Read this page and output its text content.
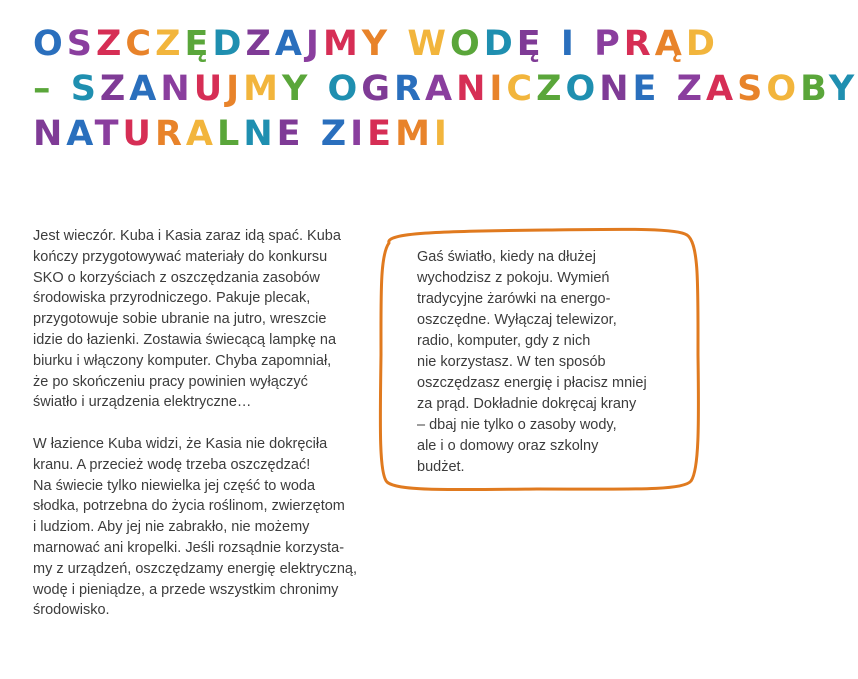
OSZCZĘDZAJMY WODĘ I PRĄD
– SZANUJMY OGRANICZONE ZASOBY
NATURALNE ZIEMI

Jest wieczór. Kuba i Kasia zaraz idą spać. Kuba
kończy przygotowywać materiały do konkursu
SKO o korzyściach z oszczędzania zasobów
środowiska przyrodniczego. Pakuje plecak,
przygotowuje sobie ubranie na jutro, wreszcie
idzie do łazienki. Zostawia świecącą lampkę na
biurku i włączony komputer. Chyba zapomniał,
że po skończeniu pracy powinien wyłączyć
światło i urządzenia elektryczne…

W łazience Kuba widzi, że Kasia nie dokręciła
kranu. A przecież wodę trzeba oszczędzać!
Na świecie tylko niewielka jej część to woda
słodka, potrzebna do życia roślinom, zwierzętom
i ludziom. Aby jej nie zabrakło, nie możemy
marnować ani kropelki. Jeśli rozsądnie korzysta-
my z urządzeń, oszczędzamy energię elektryczną,
wodę i pieniądze, a przede wszystkim chronimy
środowisko.

Gaś światło, kiedy na dłużej
wychodzisz z pokoju. Wymień
tradycyjne żarówki na energo-
oszczędne. Wyłączaj telewizor,
radio, komputer, gdy z nich
nie korzystasz. W ten sposób
oszczędzasz energię i płacisz mniej
za prąd. Dokładnie dokręcaj krany
– dbaj nie tylko o zasoby wody,
ale i o domowy oraz szkolny
budżet.
